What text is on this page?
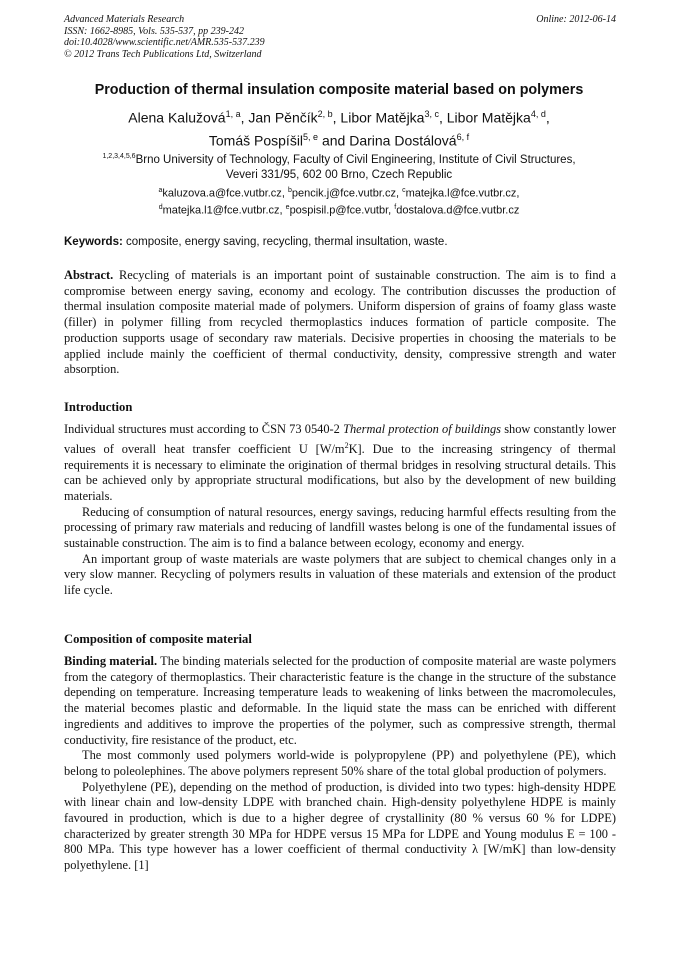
Advanced Materials Research
ISSN: 1662-8985, Vols. 535-537, pp 239-242
doi:10.4028/www.scientific.net/AMR.535-537.239
© 2012 Trans Tech Publications Ltd, Switzerland
Online: 2012-06-14
Production of thermal insulation composite material based on polymers
Alena Kalužová$^{1, a}$, Jan Pěnčík$^{2, b}$, Libor Matějka$^{3, c}$, Libor Matějka$^{4, d}$,
Tomáš Pospíšil$^{5, e}$ and Darina Dostálová$^{6, f}$
$^{1,2,3,4,5,6}$Brno University of Technology, Faculty of Civil Engineering, Institute of Civil Structures,
Veveri 331/95, 602 00 Brno, Czech Republic
$^a$kaluzova.a@fce.vutbr.cz, $^b$pencik.j@fce.vutbr.cz, $^c$matejka.l@fce.vutbr.cz,
$^d$matejka.l1@fce.vutbr.cz, $^e$pospisil.p@fce.vutbr, $^f$dostalova.d@fce.vutbr.cz
Keywords: composite, energy saving, recycling, thermal insultation, waste.

Abstract. Recycling of materials is an important point of sustainable construction. The aim is to find a compromise between energy saving, economy and ecology. The contribution discusses the production of thermal insulation composite material made of polymers. Uniform dispersion of grains of foamy glass waste (filler) in polymer filling from recycled thermoplastics induces formation of particle composite. The production supports usage of secondary raw materials. Decisive properties in choosing the materials to be applied include mainly the coefficient of thermal conductivity, density, compressive strength and water absorption.

Introduction

Individual structures must according to ČSN 73 0540-2 Thermal protection of buildings show constantly lower values of overall heat transfer coefficient U $[W/m^2K]$. Due to the increasing stringency of thermal requirements it is necessary to eliminate the origination of thermal bridges in resolving structural details. This can be achieved only by appropriate structural modifications, but also by the development of new building materials.

Reducing of consumption of natural resources, energy savings, reducing harmful effects resulting from the processing of primary raw materials and reducing of landfill wastes belong is one of the fundamental issues of sustainable construction. The aim is to find a balance between ecology, economy and energy.

An important group of waste materials are waste polymers that are subject to chemical changes only in a very slow manner. Recycling of polymers results in valuation of these materials and extension of the product life cycle.

Composition of composite material

Binding material. The binding materials selected for the production of composite material are waste polymers from the category of thermoplastics. Their characteristic feature is the change in the structure of the substance depending on temperature. Increasing temperature leads to weakening of links between the macromolecules, the material becomes plastic and deformable. In the liquid state the mass can be enriched with different ingredients and additives to improve the properties of the polymer, such as compressive strength, thermal conductivity, fire resistance of the product, etc.

The most commonly used polymers world-wide is polypropylene (PP) and polyethylene (PE), which belong to poleolephines. The above polymers represent 50% share of the total global production of polymers.

Polyethylene (PE), depending on the method of production, is divided into two types: high-density HDPE with linear chain and low-density LDPE with branched chain. High-density polyethylene HDPE is mainly favoured in production, which is due to a higher degree of crystallinity (80 % versus 60 % for LDPE) characterized by greater strength 30 MPa for HDPE versus 15 MPa for LDPE and Young modulus E = 100 - 800 MPa. This type however has a lower coefficient of thermal conductivity λ [W/mK] than low-density polyethylene. [1]
